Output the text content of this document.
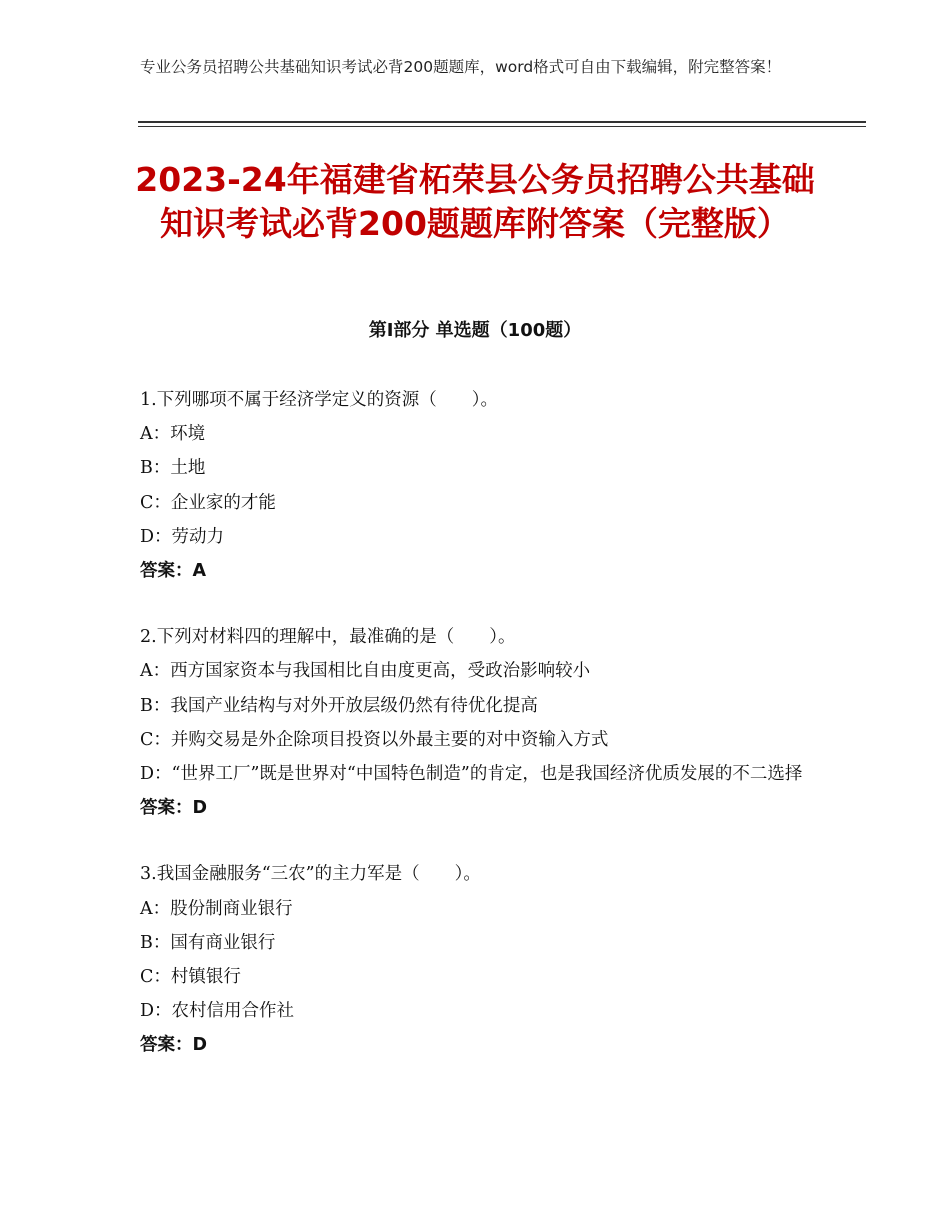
专业公务员招聘公共基础知识考试必背200题题库，word格式可自由下载编辑，附完整答案！
2023-24年福建省柘荣县公务员招聘公共基础知识考试必背200题题库附答案（完整版）
第Ⅰ部分 单选题（100题）
1.下列哪项不属于经济学定义的资源（　　）。
A：环境
B：土地
C：企业家的才能
D：劳动力
答案：A
2.下列对材料四的理解中，最准确的是（　　）。
A：西方国家资本与我国相比自由度更高，受政治影响较小
B：我国产业结构与对外开放层级仍然有待优化提高
C：并购交易是外企除项目投资以外最主要的对中资输入方式
D：“世界工厂”既是世界对“中国特色制造”的肯定，也是我国经济优质发展的不二选择
答案：D
3.我国金融服务“三农”的主力军是（　　）。
A：股份制商业银行
B：国有商业银行
C：村镇银行
D：农村信用合作社
答案：D
